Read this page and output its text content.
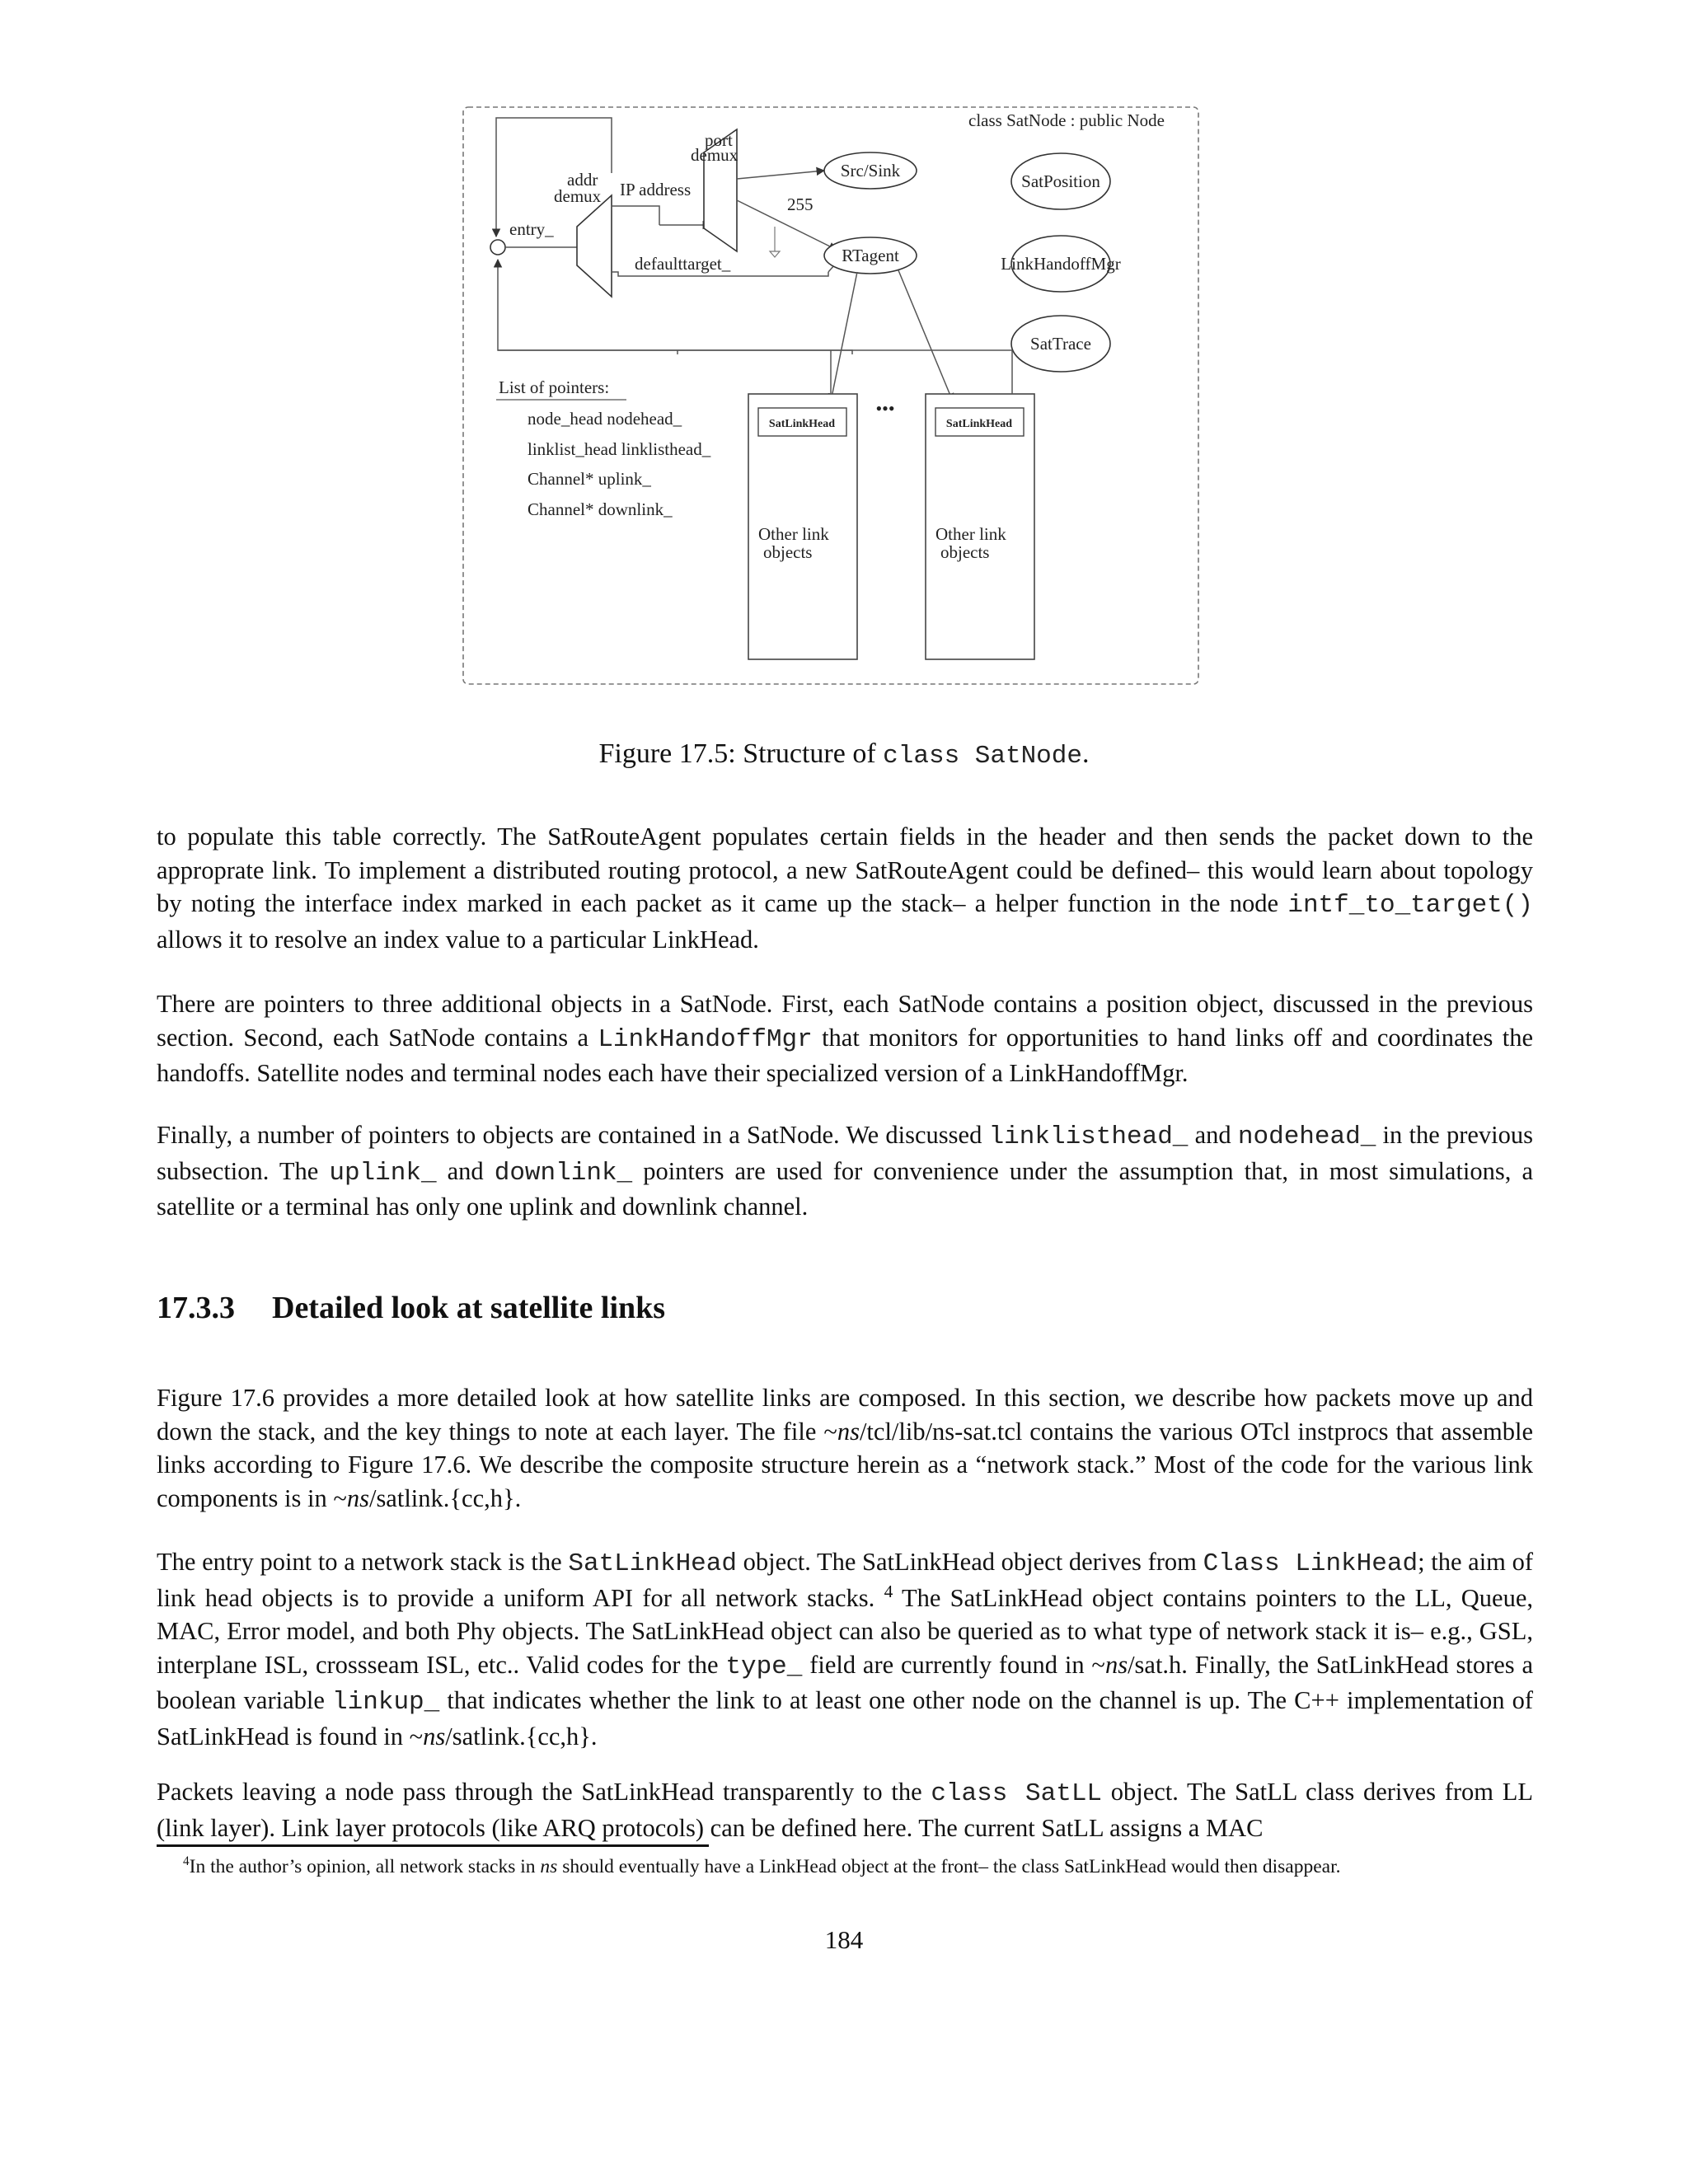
class SatNode : public Node
entry_
addr
demux IP address
port
demux
defaulttarget_
255
Src/Sink
RTagent
SatPosition
LinkHandoffMgr
SatTrace
List of pointers:
node_head nodehead_
linklist_head linklisthead_
Channel* uplink_
Channel* downlink_
SatLinkHead
Other link
objects
•••
SatLinkHead
Other link
objects
Figure 17.5: Structure of class SatNode.

to populate this table correctly. The SatRouteAgent populates certain fields in the header and then sends the packet down to the approprate link. To implement a distributed routing protocol, a new SatRouteAgent could be defined– this would learn about topology by noting the interface index marked in each packet as it came up the stack– a helper function in the node intf_to_target() allows it to resolve an index value to a particular LinkHead.

There are pointers to three additional objects in a SatNode. First, each SatNode contains a position object, discussed in the previous section. Second, each SatNode contains a LinkHandoffMgr that monitors for opportunities to hand links off and coordinates the handoffs. Satellite nodes and terminal nodes each have their specialized version of a LinkHandoffMgr.

Finally, a number of pointers to objects are contained in a SatNode. We discussed linklisthead_ and nodehead_ in the previous subsection. The uplink_ and downlink_ pointers are used for convenience under the assumption that, in most simulations, a satellite or a terminal has only one uplink and downlink channel.

17.3.3 Detailed look at satellite links

Figure 17.6 provides a more detailed look at how satellite links are composed. In this section, we describe how packets move up and down the stack, and the key things to note at each layer. The file ~ns/tcl/lib/ns-sat.tcl contains the various OTcl instprocs that assemble links according to Figure 17.6. We describe the composite structure herein as a “network stack.” Most of the code for the various link components is in ~ns/satlink.{cc,h}.

The entry point to a network stack is the SatLinkHead object. The SatLinkHead object derives from Class LinkHead; the aim of link head objects is to provide a uniform API for all network stacks. $^4$ The SatLinkHead object contains pointers to the LL, Queue, MAC, Error model, and both Phy objects. The SatLinkHead object can also be queried as to what type of network stack it is– e.g., GSL, interplane ISL, crossseam ISL, etc.. Valid codes for the type_ field are currently found in ~ns/sat.h. Finally, the SatLinkHead stores a boolean variable linkup_ that indicates whether the link to at least one other node on the channel is up. The C++ implementation of SatLinkHead is found in ~ns/satlink.{cc,h}.

Packets leaving a node pass through the SatLinkHead transparently to the class SatLL object. The SatLL class derives from LL (link layer). Link layer protocols (like ARQ protocols) can be defined here. The current SatLL assigns a MAC

$^4$In the author’s opinion, all network stacks in ns should eventually have a LinkHead object at the front– the class SatLinkHead would then disappear.

184
